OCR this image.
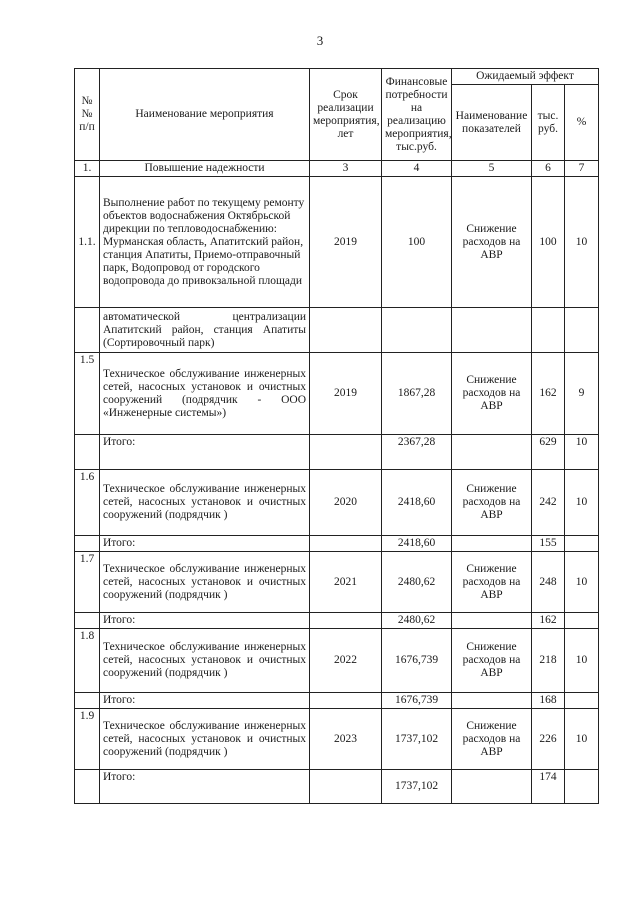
3
№№ п/п	Наименование мероприятия	Срок реализации мероприятия, лет	Финансовые потребности на реализацию мероприятия, тыс.руб.	Ожидаемый эффект		
				Наименование показателей	тыс. руб.	%
1.	Повышение надежности	3	4	5	6	7
1.1.	Выполнение работ по текущему ремонту объектов водоснабжения Октябрьской дирекции по тепловодоснабжению: Мурманская область, Апатитский район, станция Апатиты, Приемо-отправочный парк, Водопровод от городского водопровода до привокзальной площади	2019	100	Снижение расходов на АВР	100	10
	автоматической централизации Апатитский район, станция Апатиты (Сортировочный парк)					
1.5	Техническое обслуживание инженерных сетей, насосных установок и очистных сооружений (подрядчик - ООО «Инженерные системы»)	2019	1867,28	Снижение расходов на АВР	162	9
	Итого:		2367,28		629	10
1.6	Техническое обслуживание инженерных сетей, насосных установок и очистных сооружений (подрядчик )	2020	2418,60	Снижение расходов на АВР	242	10
	Итого:		2418,60		155	
1.7	Техническое обслуживание инженерных сетей, насосных установок и очистных сооружений (подрядчик )	2021	2480,62	Снижение расходов на АВР	248	10
	Итого:		2480,62		162	
1.8	Техническое обслуживание инженерных сетей, насосных установок и очистных сооружений (подрядчик )	2022	1676,739	Снижение расходов на АВР	218	10
	Итого:		1676,739		168	
1.9	Техническое обслуживание инженерных сетей, насосных установок и очистных сооружений (подрядчик )	2023	1737,102	Снижение расходов на АВР	226	10
	Итого:		1737,102		174	
